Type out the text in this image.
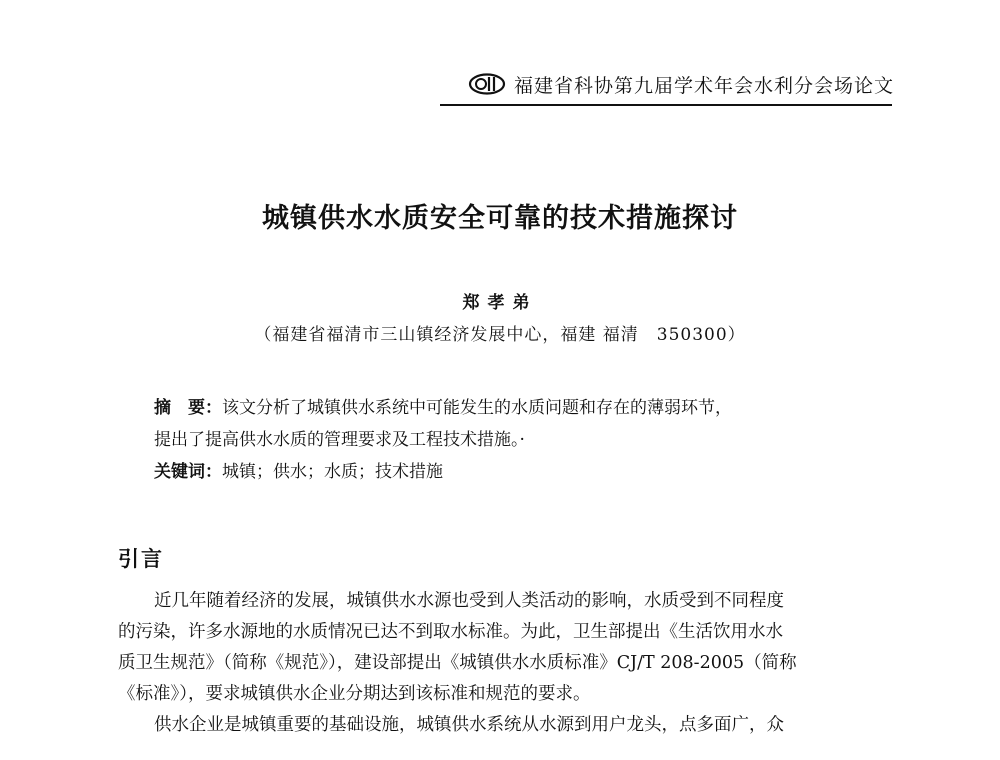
福建省科协第九届学术年会水利分会场论文
城镇供水水质安全可靠的技术措施探讨
郑孝弟
（福建省福清市三山镇经济发展中心，福建 福清　350300）
摘　要：该文分析了城镇供水系统中可能发生的水质问题和存在的薄弱环节，
提出了提高供水水质的管理要求及工程技术措施。·
关键词：城镇；供水；水质；技术措施
引言

近几年随着经济的发展，城镇供水水源也受到人类活动的影响，水质受到不同程度
的污染，许多水源地的水质情况已达不到取水标准。为此，卫生部提出《生活饮用水水
质卫生规范》（简称《规范》），建设部提出《城镇供水水质标准》CJ/T 208-2005（简称
《标准》），要求城镇供水企业分期达到该标准和规范的要求。

供水企业是城镇重要的基础设施，城镇供水系统从水源到用户龙头，点多面广，众
